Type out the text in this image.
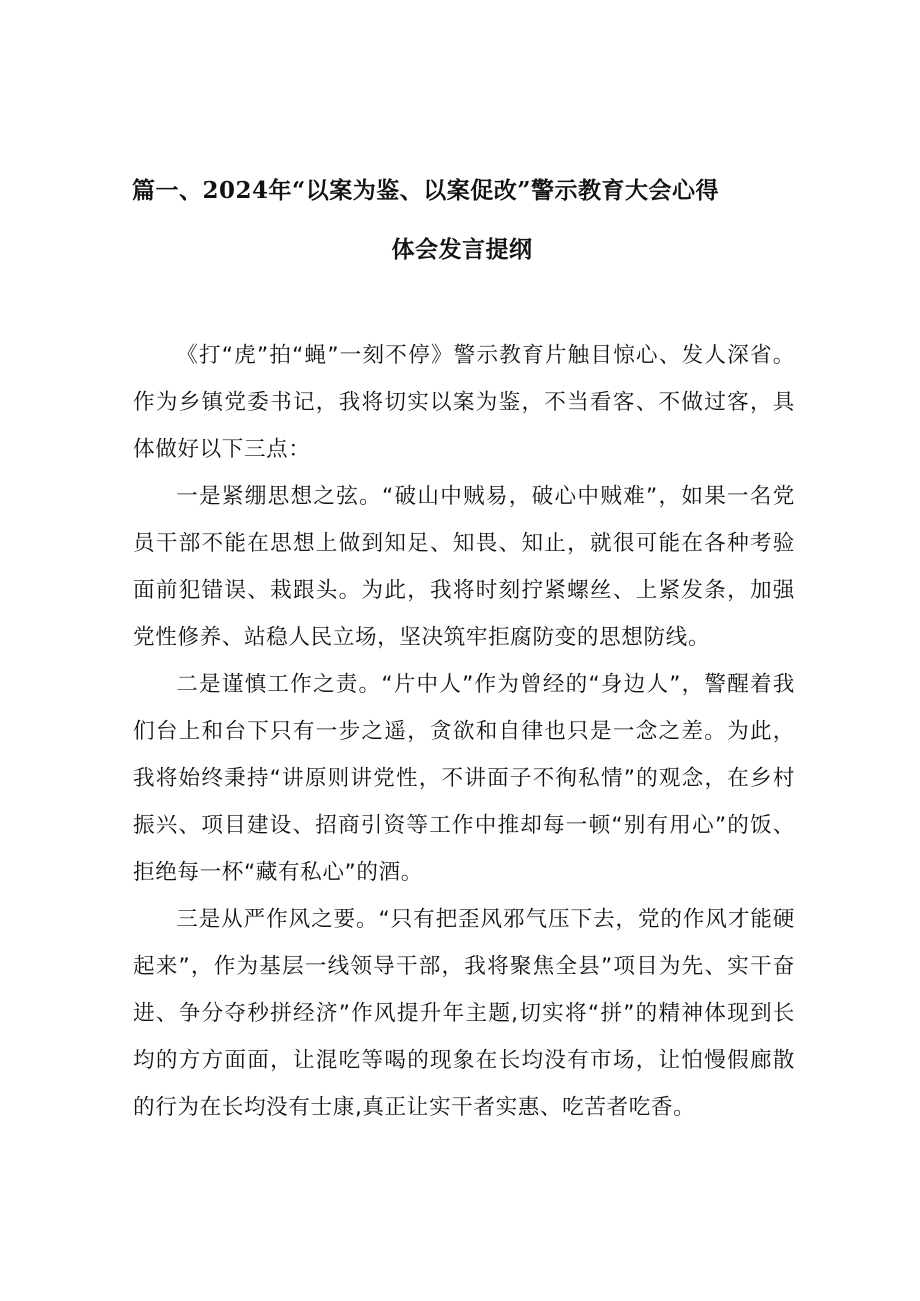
篇一、2024年“以案为鉴、以案促改”警示教育大会心得
体会发言提纲

《打“虎”拍“蝇”一刻不停》警示教育片触目惊心、发人深省。作为乡镇党委书记，我将切实以案为鉴，不当看客、不做过客，具体做好以下三点：

一是紧绷思想之弦。“破山中贼易，破心中贼难”，如果一名党员干部不能在思想上做到知足、知畏、知止，就很可能在各种考验面前犯错误、栽跟头。为此，我将时刻拧紧螺丝、上紧发条，加强党性修养、站稳人民立场，坚决筑牢拒腐防变的思想防线。

二是谨慎工作之责。“片中人”作为曾经的“身边人”，警醒着我们台上和台下只有一步之遥，贪欲和自律也只是一念之差。为此，我将始终秉持“讲原则讲党性，不讲面子不徇私情”的观念，在乡村振兴、项目建设、招商引资等工作中推却每一顿“别有用心”的饭、拒绝每一杯“藏有私心”的酒。

三是从严作风之要。“只有把歪风邪气压下去，党的作风才能硬起来”，作为基层一线领导干部，我将聚焦全县”项目为先、实干奋进、争分夺秒拼经济”作风提升年主题,切实将“拼”的精神体现到长均的方方面面，让混吃等喝的现象在长均没有市场，让怕慢假廊散的行为在长均没有士康,真正让实干者实惠、吃苦者吃香。
